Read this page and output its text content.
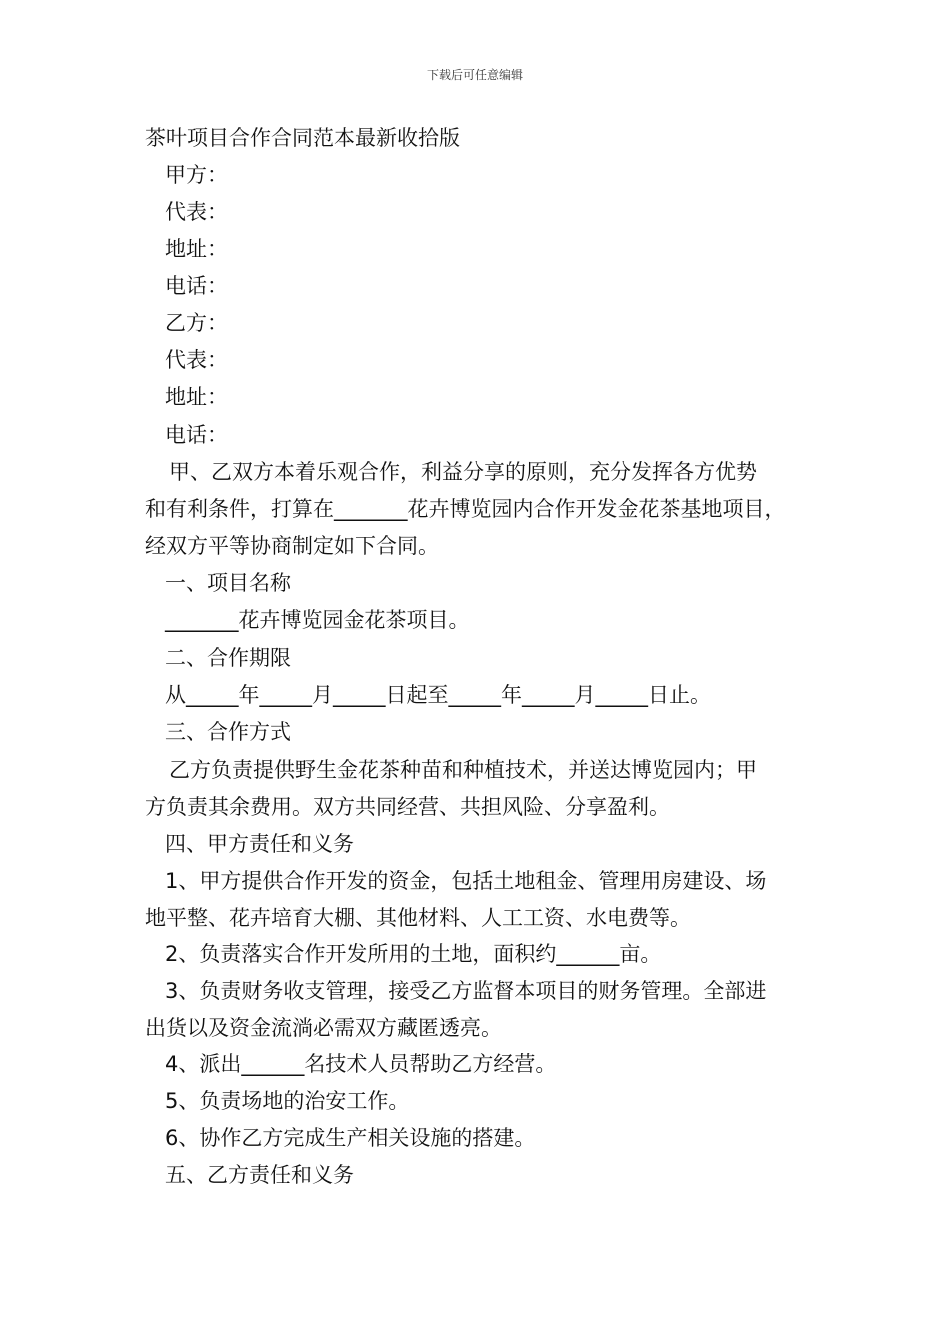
下载后可任意编辑
茶叶项目合作合同范本最新收拾版
甲方：
代表：
地址：
电话：
乙方：
代表：
地址：
电话：
甲、乙双方本着乐观合作，利益分享的原则，充分发挥各方优势
和有利条件，打算在_______花卉博览园内合作开发金花茶基地项目，
经双方平等协商制定如下合同。
一、项目名称
_______花卉博览园金花茶项目。
二、合作期限
从_____年_____月_____日起至_____年_____月_____日止。
三、合作方式
乙方负责提供野生金花茶种苗和种植技术，并送达博览园内；甲
方负责其余费用。双方共同经营、共担风险、分享盈利。
四、甲方责任和义务
1、甲方提供合作开发的资金，包括土地租金、管理用房建设、场
地平整、花卉培育大棚、其他材料、人工工资、水电费等。
2、负责落实合作开发所用的土地，面积约______亩。
3、负责财务收支管理，接受乙方监督本项目的财务管理。全部进
出货以及资金流淌必需双方藏匿透亮。
4、派出______名技术人员帮助乙方经营。
5、负责场地的治安工作。
6、协作乙方完成生产相关设施的搭建。
五、乙方责任和义务
